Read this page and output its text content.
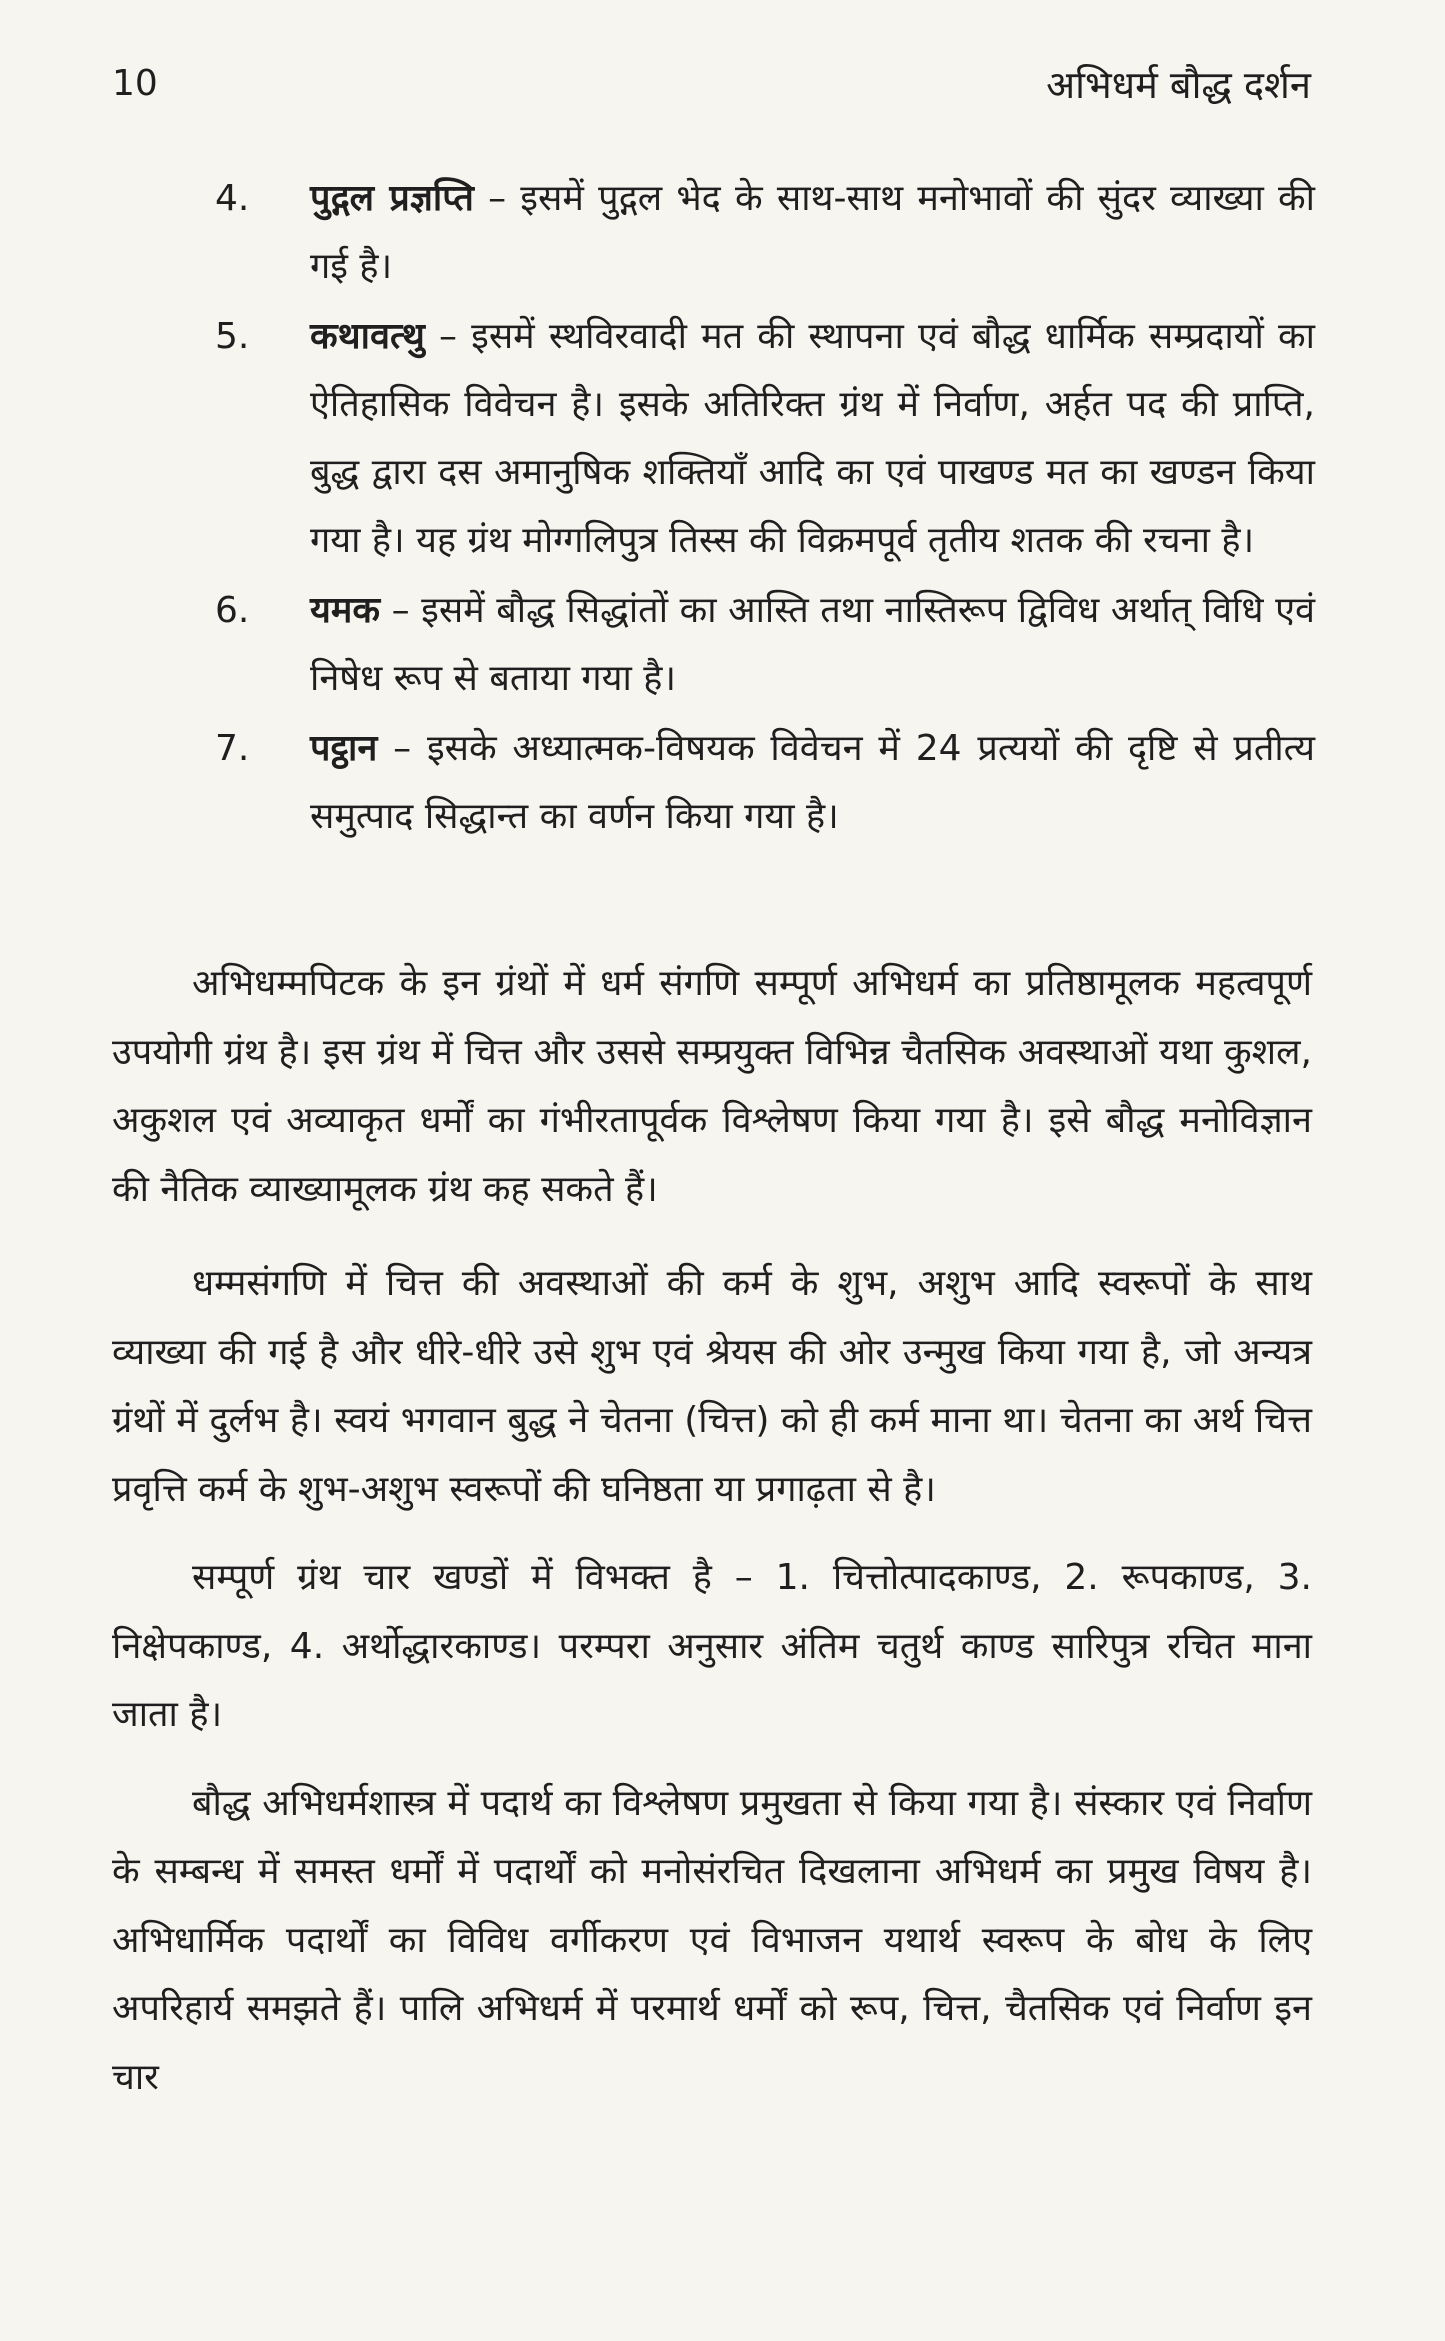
10	अभिधर्म बौद्ध दर्शन
4. पुद्गल प्रज्ञप्ति – इसमें पुद्गल भेद के साथ-साथ मनोभावों की सुंदर व्याख्या की गई है।
5. कथावत्थु – इसमें स्थविरवादी मत की स्थापना एवं बौद्ध धार्मिक सम्प्रदायों का ऐतिहासिक विवेचन है। इसके अतिरिक्त ग्रंथ में निर्वाण, अर्हत पद की प्राप्ति, बुद्ध द्वारा दस अमानुषिक शक्तियाँ आदि का एवं पाखण्ड मत का खण्डन किया गया है। यह ग्रंथ मोग्गलिपुत्र तिस्स की विक्रमपूर्व तृतीय शतक की रचना है।
6. यमक – इसमें बौद्ध सिद्धांतों का आस्ति तथा नास्तिरूप द्विविध अर्थात् विधि एवं निषेध रूप से बताया गया है।
7. पट्ठान – इसके अध्यात्मक-विषयक विवेचन में 24 प्रत्ययों की दृष्टि से प्रतीत्य समुत्पाद सिद्धान्त का वर्णन किया गया है।

अभिधम्मपिटक के इन ग्रंथों में धर्म संगणि सम्पूर्ण अभिधर्म का प्रतिष्ठामूलक महत्वपूर्ण उपयोगी ग्रंथ है। इस ग्रंथ में चित्त और उससे सम्प्रयुक्त विभिन्न चैतसिक अवस्थाओं यथा कुशल, अकुशल एवं अव्याकृत धर्मों का गंभीरतापूर्वक विश्लेषण किया गया है। इसे बौद्ध मनोविज्ञान की नैतिक व्याख्यामूलक ग्रंथ कह सकते हैं।

धम्मसंगणि में चित्त की अवस्थाओं की कर्म के शुभ, अशुभ आदि स्वरूपों के साथ व्याख्या की गई है और धीरे-धीरे उसे शुभ एवं श्रेयस की ओर उन्मुख किया गया है, जो अन्यत्र ग्रंथों में दुर्लभ है। स्वयं भगवान बुद्ध ने चेतना (चित्त) को ही कर्म माना था। चेतना का अर्थ चित्त प्रवृत्ति कर्म के शुभ-अशुभ स्वरूपों की घनिष्ठता या प्रगाढ़ता से है।

सम्पूर्ण ग्रंथ चार खण्डों में विभक्त है – 1. चित्तोत्पादकाण्ड, 2. रूपकाण्ड, 3. निक्षेपकाण्ड, 4. अर्थोद्धारकाण्ड। परम्परा अनुसार अंतिम चतुर्थ काण्ड सारिपुत्र रचित माना जाता है।

बौद्ध अभिधर्मशास्त्र में पदार्थ का विश्लेषण प्रमुखता से किया गया है। संस्कार एवं निर्वाण के सम्बन्ध में समस्त धर्मों में पदार्थों को मनोसंरचित दिखलाना अभिधर्म का प्रमुख विषय है। अभिधार्मिक पदार्थों का विविध वर्गीकरण एवं विभाजन यथार्थ स्वरूप के बोध के लिए अपरिहार्य समझते हैं। पालि अभिधर्म में परमार्थ धर्मों को रूप, चित्त, चैतसिक एवं निर्वाण इन चार
